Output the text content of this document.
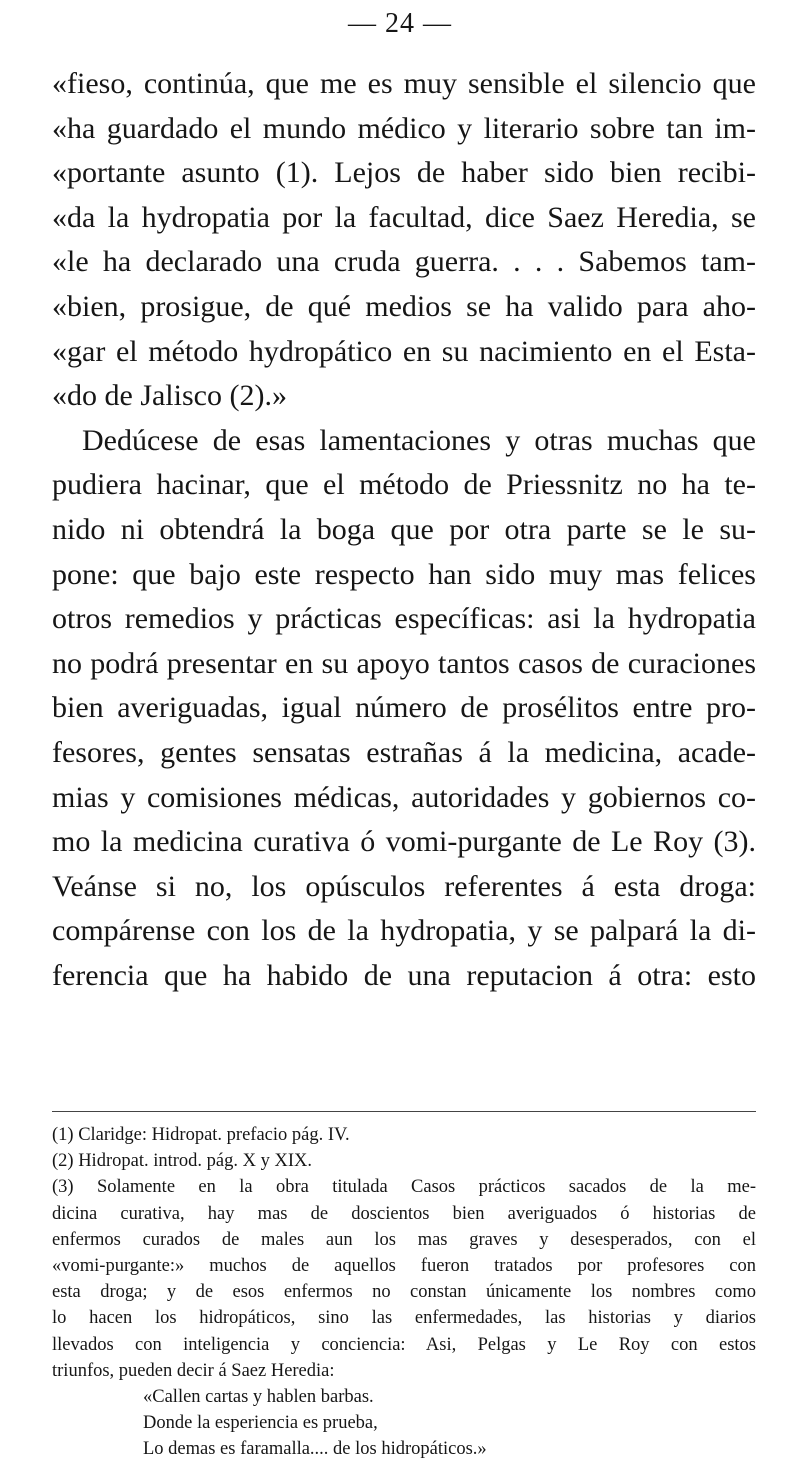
— 24 —
«fieso, continúa, que me es muy sensible el silencio que
«ha guardado el mundo médico y literario sobre tan im-
«portante asunto (1). Lejos de haber sido bien recibi-
«da la hydropatia por la facultad, dice Saez Heredia, se
«le ha declarado una cruda guerra. . . . Sabemos tam-
«bien, prosigue, de qué medios se ha valido para aho-
«gar el método hydropático en su nacimiento en el Esta-
«do de Jalisco (2).»
Dedúcese de esas lamentaciones y otras muchas que
pudiera hacinar, que el método de Priessnitz no ha te-
nido ni obtendrá la boga que por otra parte se le su-
pone: que bajo este respecto han sido muy mas felices
otros remedios y prácticas específicas: asi la hydropatia
no podrá presentar en su apoyo tantos casos de curaciones
bien averiguadas, igual número de prosélitos entre pro-
fesores, gentes sensatas estrañas á la medicina, acade-
mias y comisiones médicas, autoridades y gobiernos co-
mo la medicina curativa ó vomi-purgante de Le Roy (3).
Veánse si no, los opúsculos referentes á esta droga:
compárense con los de la hydropatia, y se palpará la di-
ferencia que ha habido de una reputacion á otra: esto
(1) Claridge: Hidropat. prefacio pág. IV.
(2) Hidropat. introd. pág. X y XIX.
(3) Solamente en la obra titulada Casos prácticos sacados de la me-
dicina curativa, hay mas de doscientos bien averiguados ó historias de
enfermos curados de males aun los mas graves y desesperados, con el
«vomi-purgante:» muchos de aquellos fueron tratados por profesores con
esta droga; y de esos enfermos no constan únicamente los nombres como
lo hacen los hidropáticos, sino las enfermedades, las historias y diarios
llevados con inteligencia y conciencia: Asi, Pelgas y Le Roy con estos
triunfos, pueden decir á Saez Heredia:
«Callen cartas y hablen barbas.
Donde la esperiencia es prueba,
Lo demas es faramalla.... de los hidropáticos.»
